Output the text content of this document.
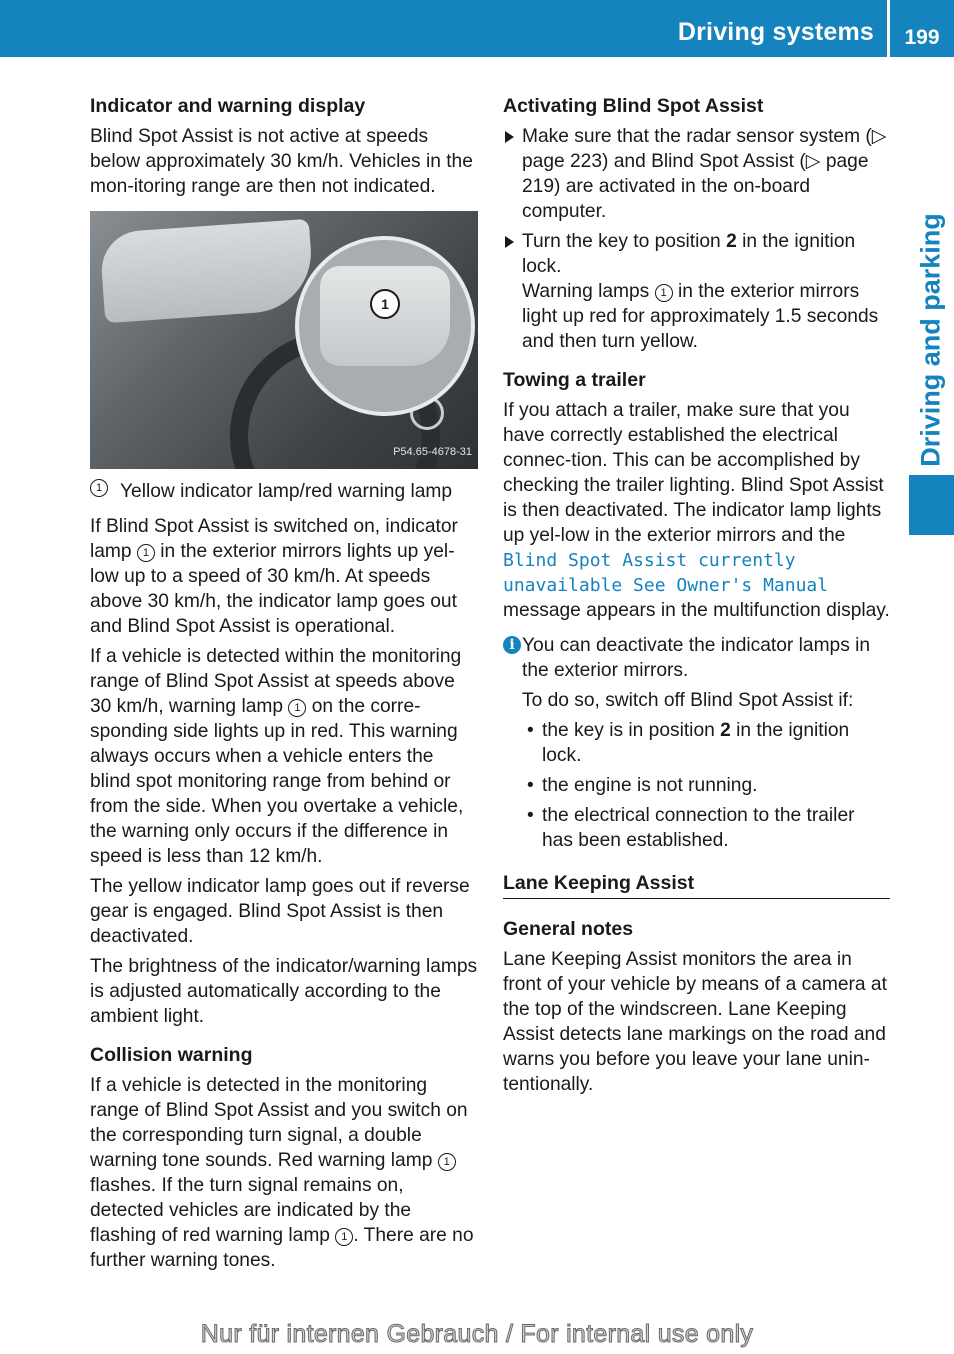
Driving systems	199
Driving and parking
Indicator and warning display

Blind Spot Assist is not active at speeds below approximately 30 km/h. Vehicles in the mon-itoring range are then not indicated.

1
P54.65-4678-31
1 Yellow indicator lamp/red warning lamp

If Blind Spot Assist is switched on, indicator lamp 1 in the exterior mirrors lights up yel-low up to a speed of 30 km/h. At speeds above 30 km/h, the indicator lamp goes out and Blind Spot Assist is operational.

If a vehicle is detected within the monitoring range of Blind Spot Assist at speeds above 30 km/h, warning lamp 1 on the corre-sponding side lights up in red. This warning always occurs when a vehicle enters the blind spot monitoring range from behind or from the side. When you overtake a vehicle, the warning only occurs if the difference in speed is less than 12 km/h.

The yellow indicator lamp goes out if reverse gear is engaged. Blind Spot Assist is then deactivated.

The brightness of the indicator/warning lamps is adjusted automatically according to the ambient light.

Collision warning

If a vehicle is detected in the monitoring range of Blind Spot Assist and you switch on the corresponding turn signal, a double warning tone sounds. Red warning lamp 1 flashes. If the turn signal remains on, detected vehicles are indicated by the flashing of red warning lamp 1 . There are no further warning tones.

Activating Blind Spot Assist

Make sure that the radar sensor system (▷ page 223) and Blind Spot Assist (▷ page 219) are activated in the on-board computer.

Turn the key to position 2 in the ignition lock.
Warning lamps 1 in the exterior mirrors light up red for approximately 1.5 seconds and then turn yellow.

Towing a trailer

If you attach a trailer, make sure that you have correctly established the electrical connec-tion. This can be accomplished by checking the trailer lighting. Blind Spot Assist is then deactivated. The indicator lamp lights up yel-low in the exterior mirrors and the Blind Spot Assist currently unavailable See Owner's Manual message appears in the multifunction display.

i You can deactivate the indicator lamps in the exterior mirrors.

To do so, switch off Blind Spot Assist if:

• the key is in position 2 in the ignition lock.
• the engine is not running.
• the electrical connection to the trailer has been established.
Lane Keeping Assist
General notes

Lane Keeping Assist monitors the area in front of your vehicle by means of a camera at the top of the windscreen. Lane Keeping Assist detects lane markings on the road and warns you before you leave your lane unin-tentionally.

Nur für internen Gebrauch / For internal use only
